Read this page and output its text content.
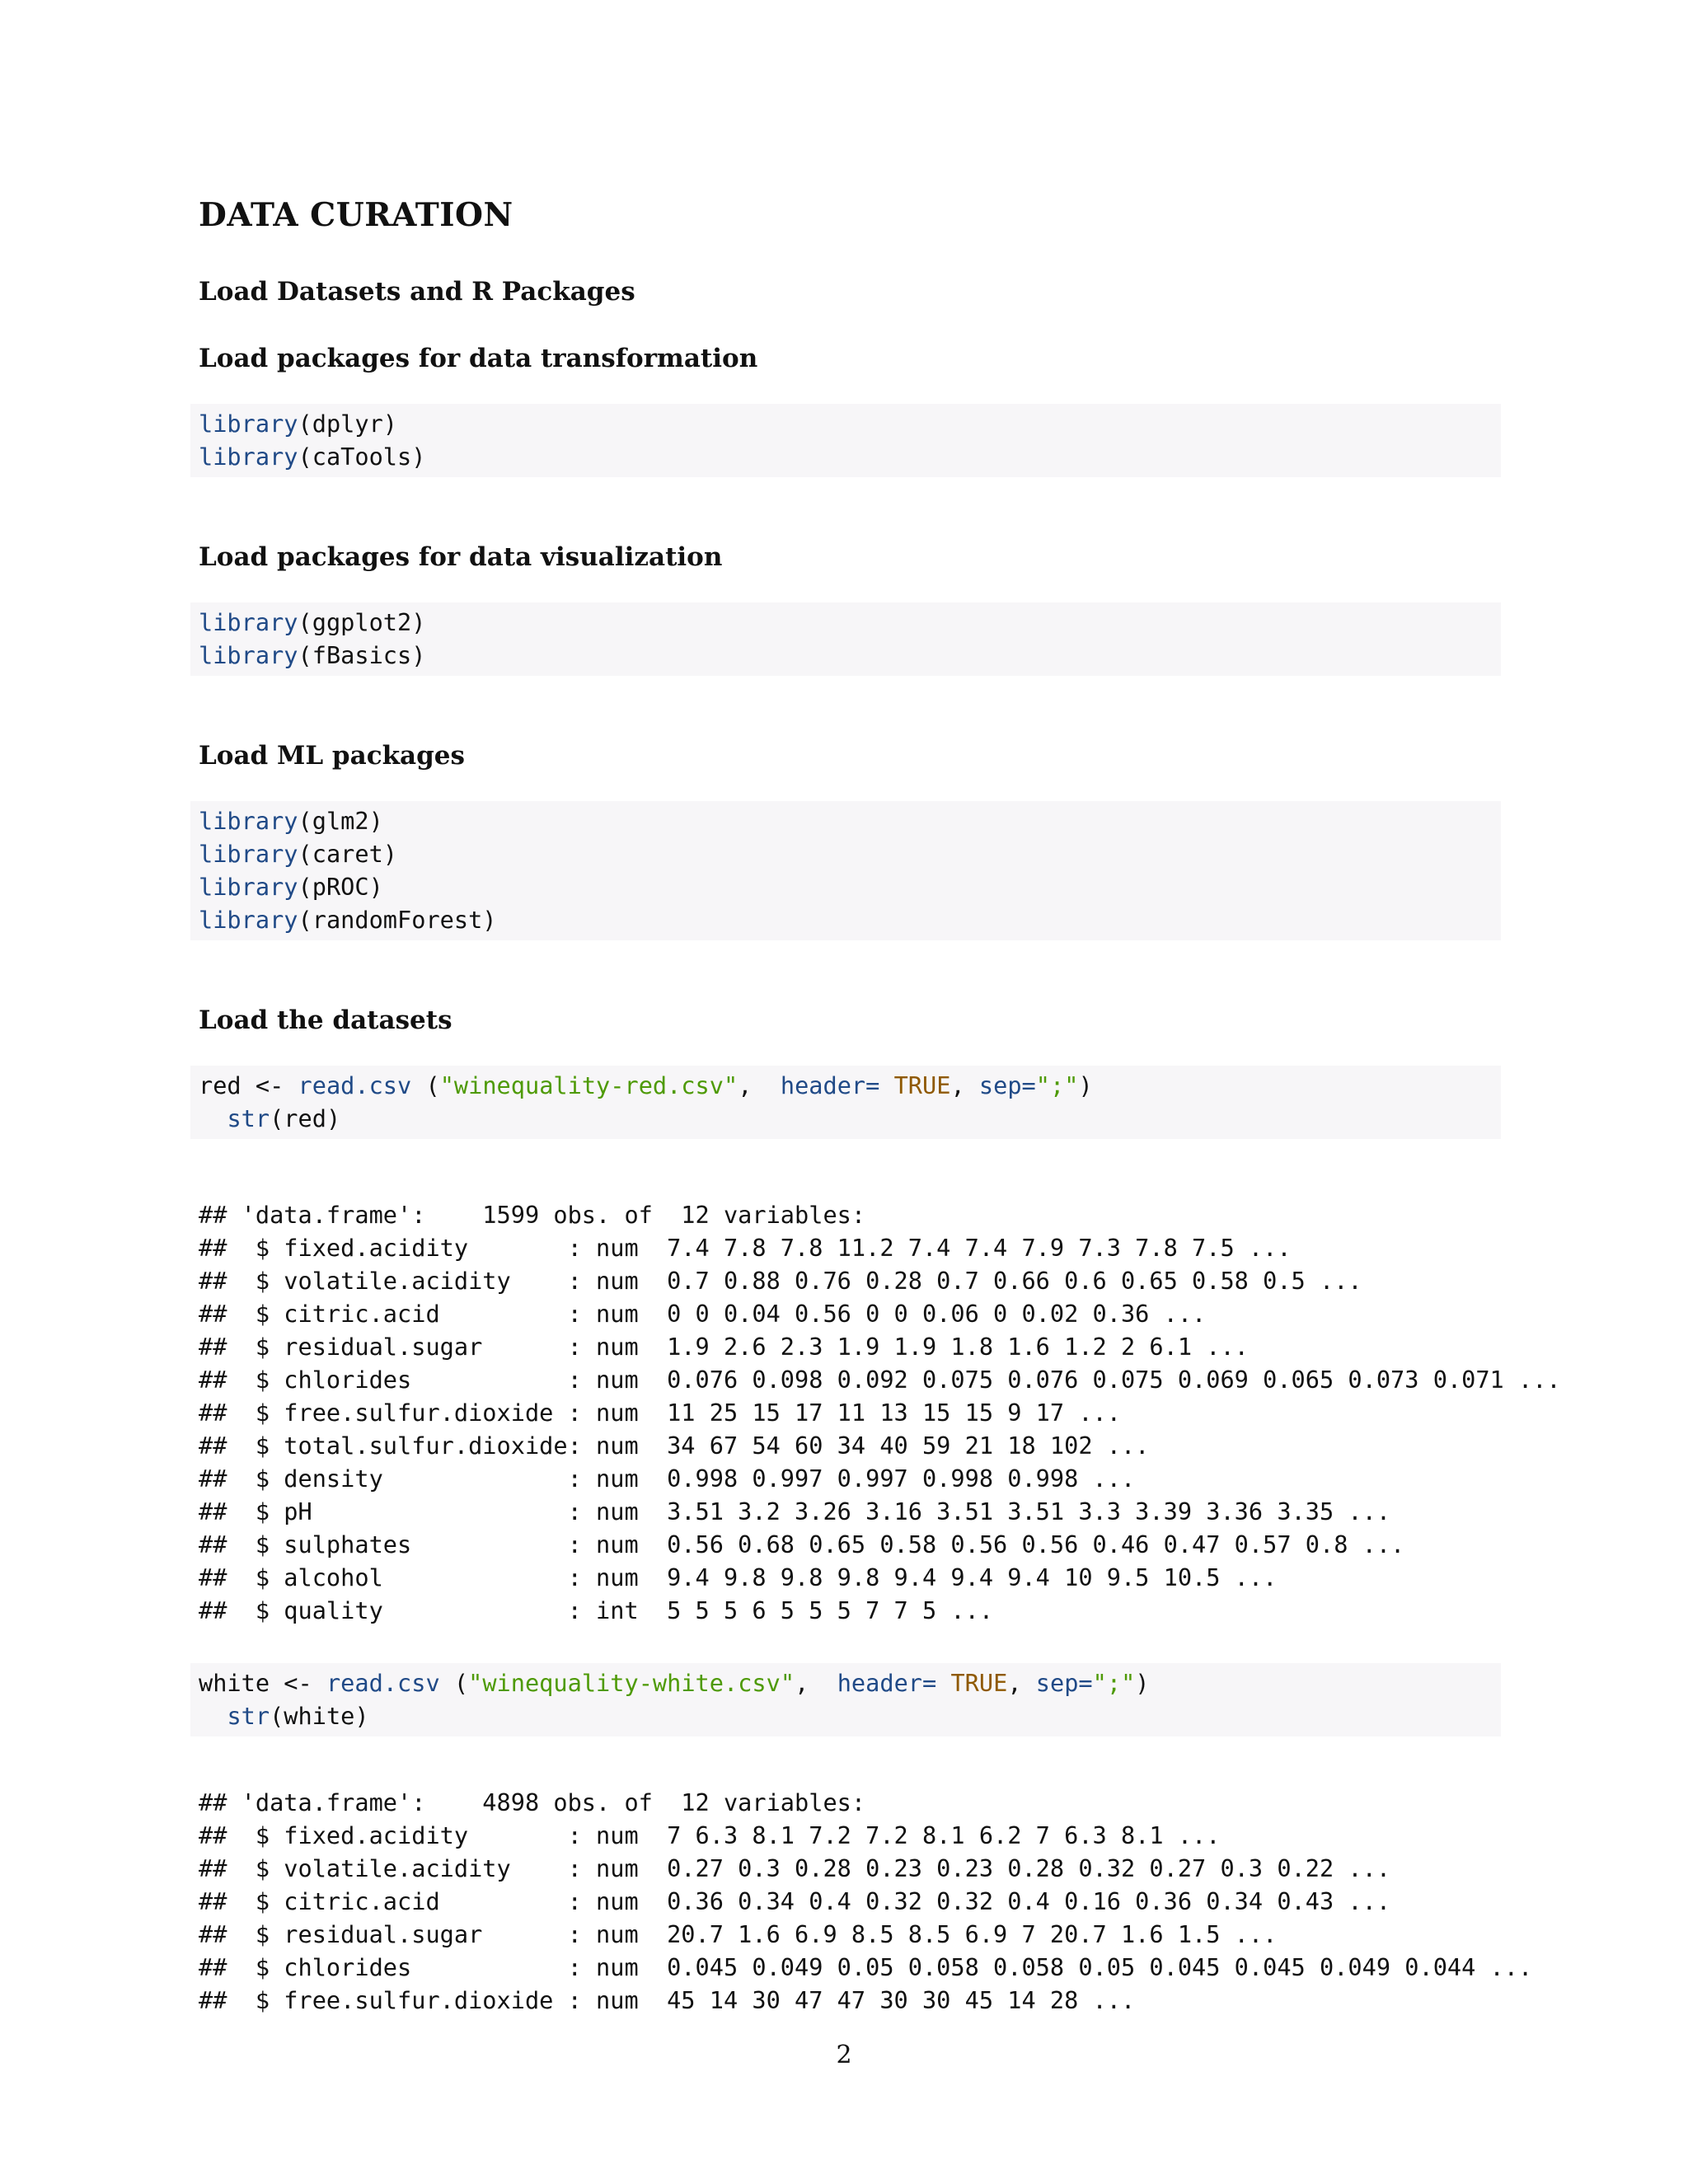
DATA CURATION
Load Datasets and R Packages
Load packages for data transformation
library(dplyr)
library(caTools)
Load packages for data visualization
library(ggplot2)
library(fBasics)
Load ML packages
library(glm2)
library(caret)
library(pROC)
library(randomForest)
Load the datasets
red <- read.csv ("winequality-red.csv",  header= TRUE, sep=";")
str(red)
## 'data.frame':    1599 obs. of  12 variables:
##  $ fixed.acidity       : num  7.4 7.8 7.8 11.2 7.4 7.4 7.9 7.3 7.8 7.5 ...
##  $ volatile.acidity    : num  0.7 0.88 0.76 0.28 0.7 0.66 0.6 0.65 0.58 0.5 ...
##  $ citric.acid         : num  0 0 0.04 0.56 0 0 0.06 0 0.02 0.36 ...
##  $ residual.sugar      : num  1.9 2.6 2.3 1.9 1.9 1.8 1.6 1.2 2 6.1 ...
##  $ chlorides           : num  0.076 0.098 0.092 0.075 0.076 0.075 0.069 0.065 0.073 0.071 ...
##  $ free.sulfur.dioxide : num  11 25 15 17 11 13 15 15 9 17 ...
##  $ total.sulfur.dioxide: num  34 67 54 60 34 40 59 21 18 102 ...
##  $ density             : num  0.998 0.997 0.997 0.998 0.998 ...
##  $ pH                  : num  3.51 3.2 3.26 3.16 3.51 3.51 3.3 3.39 3.36 3.35 ...
##  $ sulphates           : num  0.56 0.68 0.65 0.58 0.56 0.56 0.46 0.47 0.57 0.8 ...
##  $ alcohol             : num  9.4 9.8 9.8 9.8 9.4 9.4 9.4 10 9.5 10.5 ...
##  $ quality             : int  5 5 5 6 5 5 5 7 7 5 ...
white <- read.csv ("winequality-white.csv",  header= TRUE, sep=";")
str(white)
## 'data.frame':    4898 obs. of  12 variables:
##  $ fixed.acidity       : num  7 6.3 8.1 7.2 7.2 8.1 6.2 7 6.3 8.1 ...
##  $ volatile.acidity    : num  0.27 0.3 0.28 0.23 0.23 0.28 0.32 0.27 0.3 0.22 ...
##  $ citric.acid         : num  0.36 0.34 0.4 0.32 0.32 0.4 0.16 0.36 0.34 0.43 ...
##  $ residual.sugar      : num  20.7 1.6 6.9 8.5 8.5 6.9 7 20.7 1.6 1.5 ...
##  $ chlorides           : num  0.045 0.049 0.05 0.058 0.058 0.05 0.045 0.045 0.049 0.044 ...
##  $ free.sulfur.dioxide : num  45 14 30 47 47 30 30 45 14 28 ...
2
